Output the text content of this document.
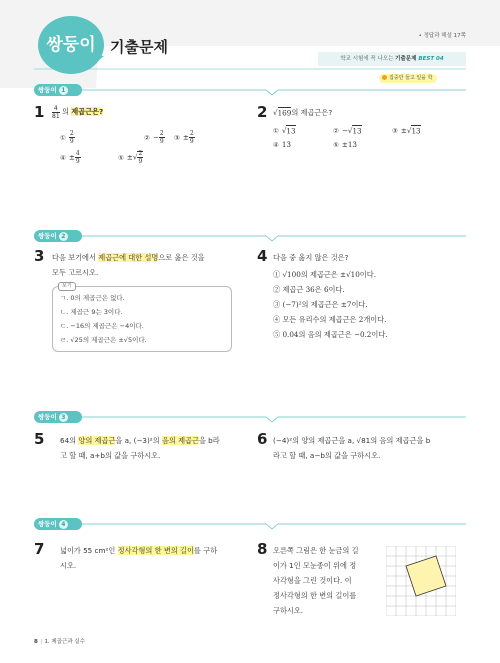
쌍둥이 기출문제
• 정답과 해설 17쪽
학교 시험에 꼭 나오는 기출문제 BEST 04
집중만 들고 일을 학
쌍둥이 1
$1 \frac{4}{81}$ 의 제곱근은?
① $\frac{2}{9}$	② − $\frac{2}{9}$ ③ ± $\frac{2}{9}$
④ ± $\frac{4}{9}$	⑤ ±√ $\frac{2}{9}$
2 √169의 제곱근은?
① √13	② −√13	③ ±√13
④ 13	⑤ ±13
쌍둥이 2
3 다음 보기에서 제곱근에 대한 설명으로 옳은 것을
모두 고르시오.
보기
ㄱ. 0의 제곱근은 없다.
ㄴ. 제곱근 9는 3이다.
ㄷ. −16의 제곱근은 −4이다.
ㄹ. √25의 제곱근은 ±√5이다.
4 다음 중 옳지 않은 것은?
① √100의 제곱근은 ±√10이다.
② 제곱근 36은 6이다.
③ (−7)²의 제곱근은 ±7이다.
④ 모든 유리수의 제곱근은 2개이다.
⑤ 0.04의 음의 제곱근은 −0.2이다.
쌍둥이 3
5 64의 양의 제곱근을 a, (−3)²의 음의 제곱근을 b라
고 할 때, a+b의 값을 구하시오.
6 (−4)²의 양의 제곱근을 a, √81의 음의 제곱근을 b
라고 할 때, a−b의 값을 구하시오.
쌍둥이 4
7 넓이가 55 cm²인 정사각형의 한 변의 길이를 구하
시오.
8 오른쪽 그림은 한 눈금의 길
이가 1인 모눈종이 위에 정
사각형을 그린 것이다. 이
정사각형의 한 변의 길이를
구하시오.
8 | 1. 제곱근과 실수
